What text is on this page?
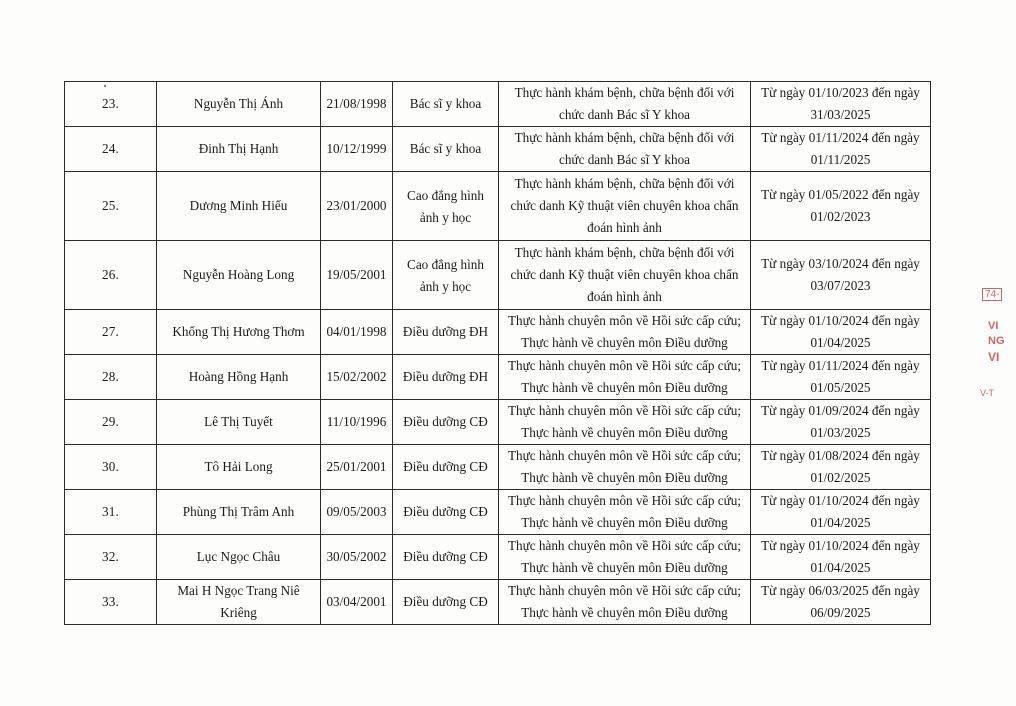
23.	Nguyễn Thị Ánh	21/08/1998	Bác sĩ y khoa	Thực hành khám bệnh, chữa bệnh đối với chức danh Bác sĩ Y khoa	Từ ngày 01/10/2023 đến ngày 31/03/2025
24.	Đinh Thị Hạnh	10/12/1999	Bác sĩ y khoa	Thực hành khám bệnh, chữa bệnh đối với chức danh Bác sĩ Y khoa	Từ ngày 01/11/2024 đến ngày 01/11/2025
25.	Dương Minh Hiếu	23/01/2000	Cao đẳng hình ảnh y học	Thực hành khám bệnh, chữa bệnh đối với chức danh Kỹ thuật viên chuyên khoa chẩn đoán hình ảnh	Từ ngày 01/05/2022 đến ngày 01/02/2023
26.	Nguyễn Hoàng Long	19/05/2001	Cao đẳng hình ảnh y học	Thực hành khám bệnh, chữa bệnh đối với chức danh Kỹ thuật viên chuyên khoa chẩn đoán hình ảnh	Từ ngày 03/10/2024 đến ngày 03/07/2023
27.	Khổng Thị Hương Thơm	04/01/1998	Điều dưỡng ĐH	Thực hành chuyên môn về Hồi sức cấp cứu; Thực hành về chuyên môn Điều dưỡng	Từ ngày 01/10/2024 đến ngày 01/04/2025
28.	Hoàng Hồng Hạnh	15/02/2002	Điều dưỡng ĐH	Thực hành chuyên môn về Hồi sức cấp cứu; Thực hành về chuyên môn Điều dưỡng	Từ ngày 01/11/2024 đến ngày 01/05/2025
29.	Lê Thị Tuyết	11/10/1996	Điều dưỡng CĐ	Thực hành chuyên môn về Hồi sức cấp cứu; Thực hành về chuyên môn Điều dưỡng	Từ ngày 01/09/2024 đến ngày 01/03/2025
30.	Tô Hải Long	25/01/2001	Điều dưỡng CĐ	Thực hành chuyên môn về Hồi sức cấp cứu; Thực hành về chuyên môn Điều dưỡng	Từ ngày 01/08/2024 đến ngày 01/02/2025
31.	Phùng Thị Trâm Anh	09/05/2003	Điều dưỡng CĐ	Thực hành chuyên môn về Hồi sức cấp cứu; Thực hành về chuyên môn Điều dưỡng	Từ ngày 01/10/2024 đến ngày 01/04/2025
32.	Lục Ngọc Châu	30/05/2002	Điều dưỡng CĐ	Thực hành chuyên môn về Hồi sức cấp cứu; Thực hành về chuyên môn Điều dưỡng	Từ ngày 01/10/2024 đến ngày 01/04/2025
33.	Mai H Ngọc Trang Niê Kriêng	03/04/2001	Điều dưỡng CĐ	Thực hành chuyên môn về Hồi sức cấp cứu; Thực hành về chuyên môn Điều dưỡng	Từ ngày 06/03/2025 đến ngày 06/09/2025
74-
VI
NG
VI
V-T
